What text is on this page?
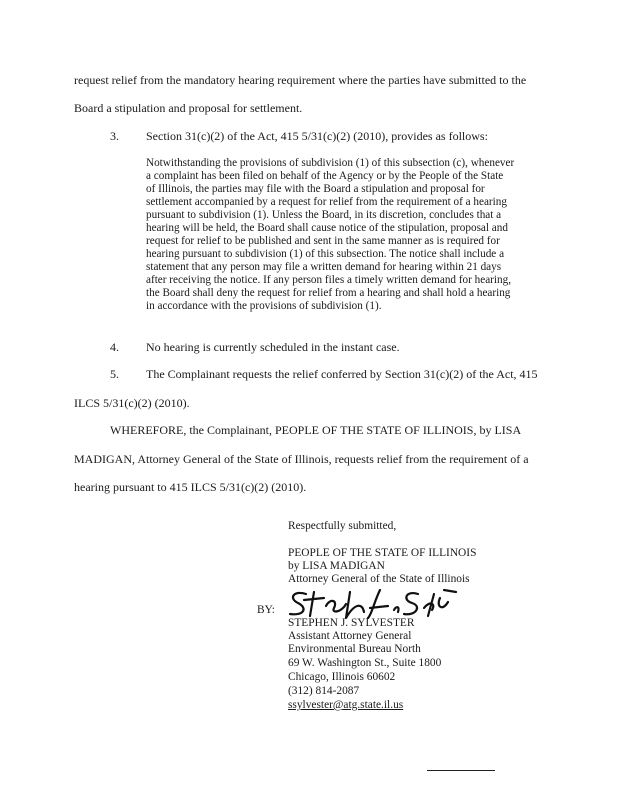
request relief from the mandatory hearing requirement where the parties have submitted to the
Board a stipulation and proposal for settlement.
3. Section 31(c)(2) of the Act, 415 5/31(c)(2) (2010), provides as follows:
Notwithstanding the provisions of subdivision (1) of this subsection (c), whenever
a complaint has been filed on behalf of the Agency or by the People of the State
of Illinois, the parties may file with the Board a stipulation and proposal for
settlement accompanied by a request for relief from the requirement of a hearing
pursuant to subdivision (1). Unless the Board, in its discretion, concludes that a
hearing will be held, the Board shall cause notice of the stipulation, proposal and
request for relief to be published and sent in the same manner as is required for
hearing pursuant to subdivision (1) of this subsection. The notice shall include a
statement that any person may file a written demand for hearing within 21 days
after receiving the notice. If any person files a timely written demand for hearing,
the Board shall deny the request for relief from a hearing and shall hold a hearing
in accordance with the provisions of subdivision (1).
4. No hearing is currently scheduled in the instant case.
5. The Complainant requests the relief conferred by Section 31(c)(2) of the Act, 415
ILCS 5/31(c)(2) (2010).
WHEREFORE, the Complainant, PEOPLE OF THE STATE OF ILLINOIS, by LISA
MADIGAN, Attorney General of the State of Illinois, requests relief from the requirement of a
hearing pursuant to 415 ILCS 5/31(c)(2) (2010).
Respectfully submitted,
PEOPLE OF THE STATE OF ILLINOIS
by LISA MADIGAN
Attorney General of the State of Illinois
BY:
STEPHEN J. SYLVESTER
Assistant Attorney General
Environmental Bureau North
69 W. Washington St., Suite 1800
Chicago, Illinois 60602
(312) 814-2087
ssylvester@atg.state.il.us
